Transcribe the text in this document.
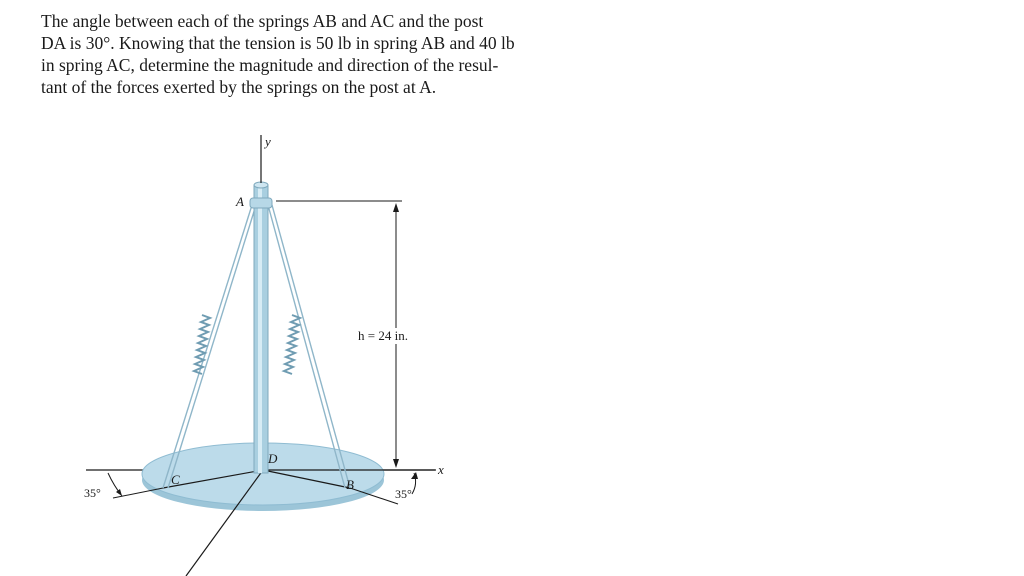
The angle between each of the springs AB and AC and the post
DA is 30°. Knowing that the tension is 50 lb in spring AB and 40 lb
in spring AC, determine the magnitude and direction of the resul-
tant of the forces exerted by the springs on the post at A.

y
x
A
B
C
D
h = 24 in.
35°	35°
